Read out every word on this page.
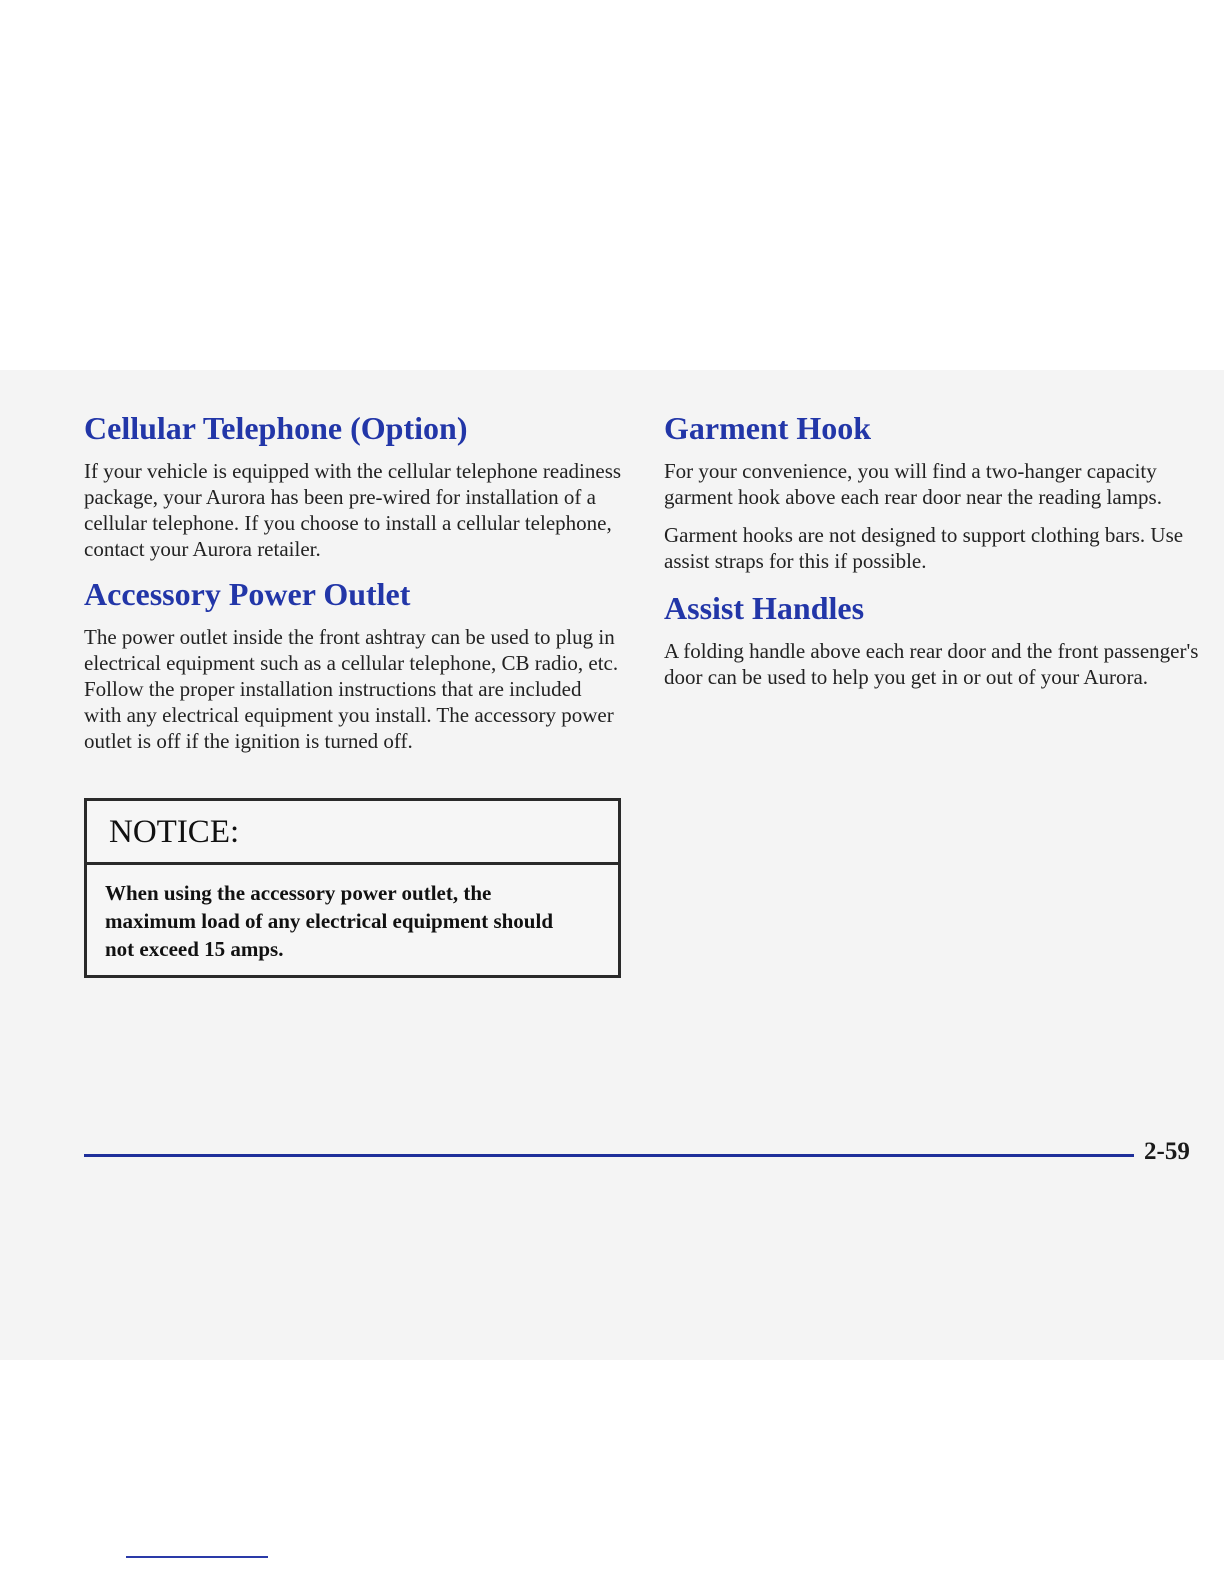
Cellular Telephone (Option)

If your vehicle is equipped with the cellular telephone readiness package, your Aurora has been pre-wired for installation of a cellular telephone. If you choose to install a cellular telephone, contact your Aurora retailer.

Accessory Power Outlet

The power outlet inside the front ashtray can be used to plug in electrical equipment such as a cellular telephone, CB radio, etc. Follow the proper installation instructions that are included with any electrical equipment you install. The accessory power outlet is off if the ignition is turned off.

NOTICE:
When using the accessory power outlet, the maximum load of any electrical equipment should not exceed 15 amps.
Garment Hook

For your convenience, you will find a two-hanger capacity garment hook above each rear door near the reading lamps.

Garment hooks are not designed to support clothing bars. Use assist straps for this if possible.

Assist Handles

A folding handle above each rear door and the front passenger's door can be used to help you get in or out of your Aurora.

2-59
